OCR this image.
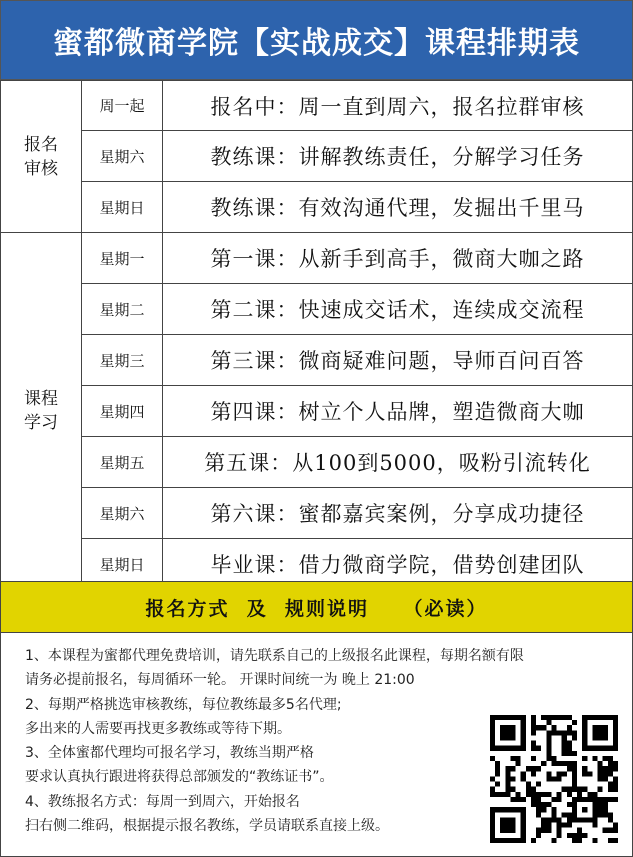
蜜都微商学院【实战成交】课程排期表
报名
审核	周一起	报名中：周一直到周六，报名拉群审核
	星期六	教练课：讲解教练责任，分解学习任务
	星期日	教练课：有效沟通代理，发掘出千里马
课程
学习	星期一	第一课：从新手到高手，微商大咖之路
	星期二	第二课：快速成交话术，连续成交流程
	星期三	第三课：微商疑难问题，导师百问百答
	星期四	第四课：树立个人品牌，塑造微商大咖
	星期五	第五课：从100到5000，吸粉引流转化
	星期六	第六课：蜜都嘉宾案例，分享成功捷径
	星期日	毕业课：借力微商学院，借势创建团队
报名方式  及  规则说明    （必读）
1、本课程为蜜都代理免费培训，请先联系自己的上级报名此课程，每期名额有限
请务必提前报名，每周循环一轮。 开课时间统一为 晚上 21:00
2、每期严格挑选审核教练，每位教练最多5名代理;
多出来的人需要再找更多教练或等待下期。
3、全体蜜都代理均可报名学习，教练当期严格
要求认真执行跟进将获得总部颁发的“教练证书”。
4、教练报名方式：每周一到周六，开始报名
扫右侧二维码，根据提示报名教练，学员请联系直接上级。
